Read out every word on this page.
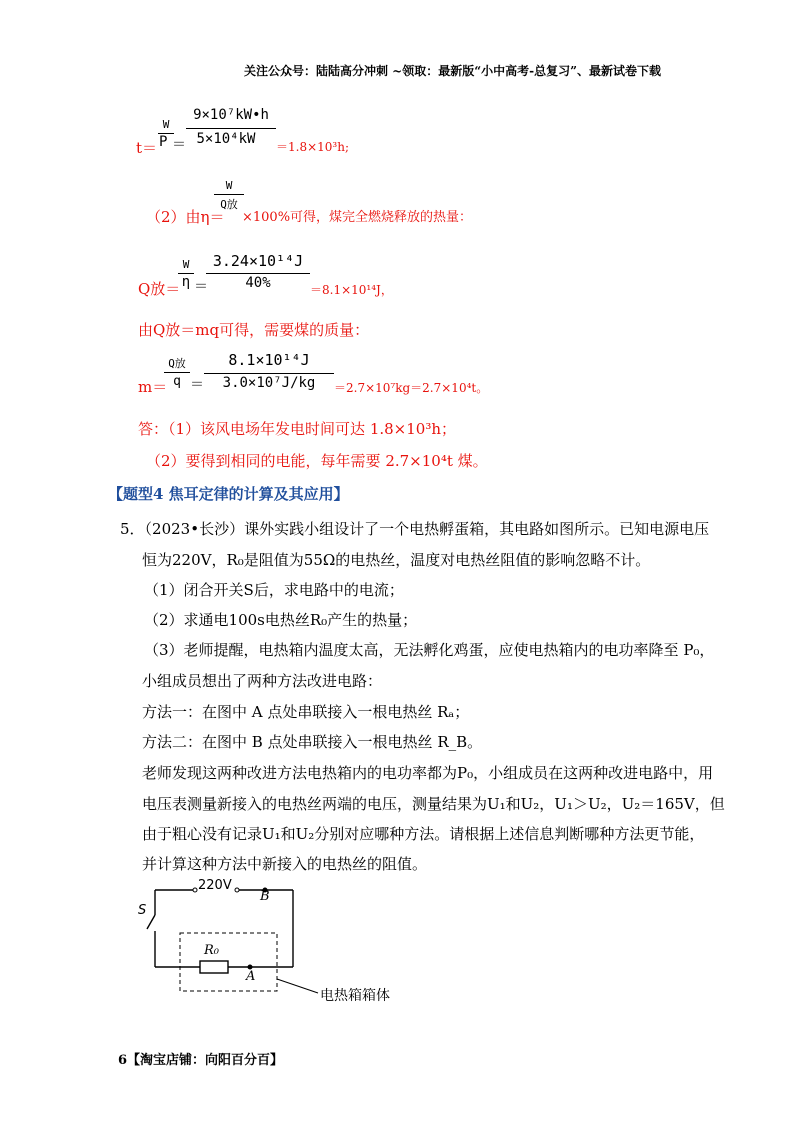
关注公众号：陆陆高分冲刺 ~领取：最新版“小中高考-总复习”、最新试卷下载
t＝
W
P ＝
9×10⁷kW•h
5×10⁴kW	＝1.8×10³h;
W
Q放
（2）由η＝ ×100%可得，煤完全燃烧释放的热量：
Q放＝
W
η ＝
3.24×10¹⁴J
40%	＝8.1×10¹⁴J，
由Q放＝mq可得，需要煤的质量：
m＝
Q放
q ＝
8.1×10¹⁴J
3.0×10⁷J/kg	＝2.7×10⁷kg＝2.7×10⁴t。
答：（1）该风电场年发电时间可达 1.8×10³h；
（2）要得到相同的电能，每年需要 2.7×10⁴t 煤。
【题型4 焦耳定律的计算及其应用】
5．（2023•长沙）课外实践小组设计了一个电热孵蛋箱，其电路如图所示。已知电源电压
恒为220V，R₀是阻值为55Ω的电热丝，温度对电热丝阻值的影响忽略不计。
（1）闭合开关S后，求电路中的电流；
（2）求通电100s电热丝R₀产生的热量；
（3）老师提醒，电热箱内温度太高，无法孵化鸡蛋，应使电热箱内的电功率降至 P₀，
小组成员想出了两种方法改进电路：
方法一：在图中 A 点处串联接入一根电热丝 Rₐ；
方法二：在图中 B 点处串联接入一根电热丝 R_B。
老师发现这两种改进方法电热箱内的电功率都为P₀，小组成员在这两种改进电路中，用
电压表测量新接入的电热丝两端的电压，测量结果为U₁和U₂，U₁＞U₂，U₂＝165V，但
由于粗心没有记录U₁和U₂分别对应哪种方法。请根据上述信息判断哪种方法更节能，
并计算这种方法中新接入的电热丝的阻值。
220V
S
B
R₀
A
电热箱箱体
6【淘宝店铺：向阳百分百】
